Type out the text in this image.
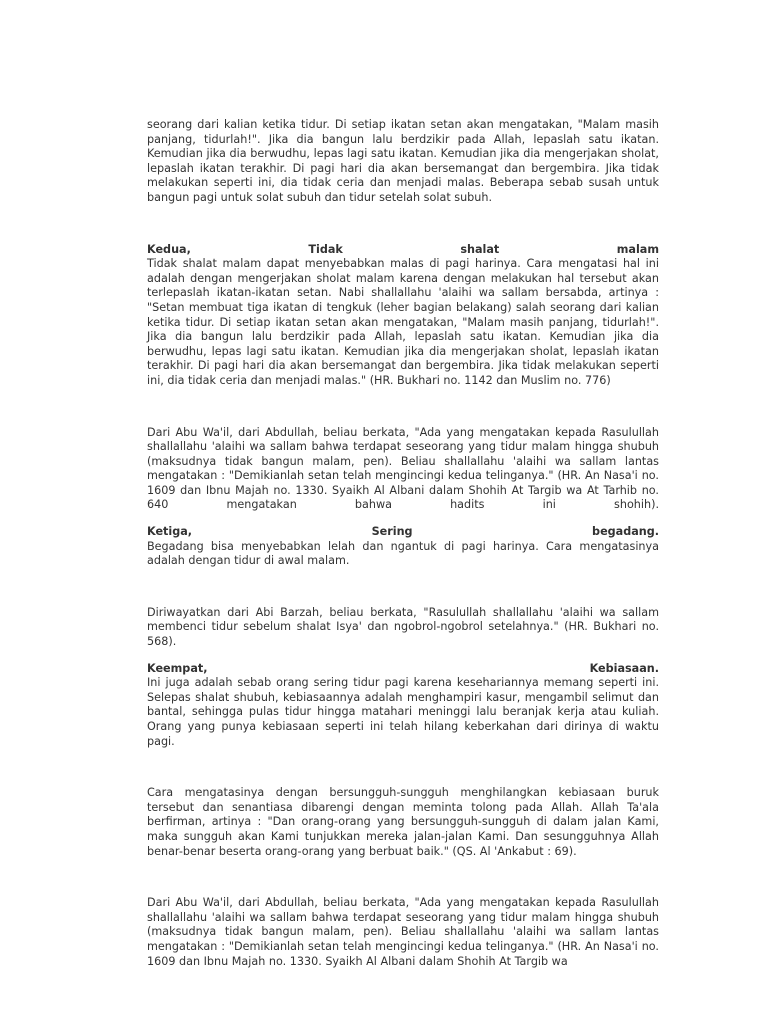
seorang dari kalian ketika tidur. Di setiap ikatan setan akan mengatakan, "Malam masih panjang, tidurlah!". Jika dia bangun lalu berdzikir pada Allah, lepaslah satu ikatan. Kemudian jika dia berwudhu, lepas lagi satu ikatan. Kemudian jika dia mengerjakan sholat, lepaslah ikatan terakhir. Di pagi hari dia akan bersemangat dan bergembira. Jika tidak melakukan seperti ini, dia tidak ceria dan menjadi malas. Beberapa sebab susah untuk bangun pagi untuk solat subuh dan tidur setelah solat subuh.

Kedua, Tidak shalat malam

Tidak shalat malam dapat menyebabkan malas di pagi harinya. Cara mengatasi hal ini adalah dengan mengerjakan sholat malam karena dengan melakukan hal tersebut akan terlepaslah ikatan-ikatan setan. Nabi shallallahu 'alaihi wa sallam bersabda, artinya : "Setan membuat tiga ikatan di tengkuk (leher bagian belakang) salah seorang dari kalian ketika tidur. Di setiap ikatan setan akan mengatakan, "Malam masih panjang, tidurlah!". Jika dia bangun lalu berdzikir pada Allah, lepaslah satu ikatan. Kemudian jika dia berwudhu, lepas lagi satu ikatan. Kemudian jika dia mengerjakan sholat, lepaslah ikatan terakhir. Di pagi hari dia akan bersemangat dan bergembira. Jika tidak melakukan seperti ini, dia tidak ceria dan menjadi malas." (HR. Bukhari no. 1142 dan Muslim no. 776)

Dari Abu Wa'il, dari Abdullah, beliau berkata, "Ada yang mengatakan kepada Rasulullah shallallahu 'alaihi wa sallam bahwa terdapat seseorang yang tidur malam hingga shubuh (maksudnya tidak bangun malam, pen). Beliau shallallahu 'alaihi wa sallam lantas mengatakan : "Demikianlah setan telah mengincingi kedua telinganya." (HR. An Nasa'i no. 1609 dan Ibnu Majah no. 1330. Syaikh Al Albani dalam Shohih At Targib wa At Tarhib no. 640 mengatakan bahwa hadits ini shohih).

Ketiga, Sering begadang.

Begadang bisa menyebabkan lelah dan ngantuk di pagi harinya. Cara mengatasinya adalah dengan tidur di awal malam.

Diriwayatkan dari Abi Barzah, beliau berkata, "Rasulullah shallallahu 'alaihi wa sallam membenci tidur sebelum shalat Isya' dan ngobrol-ngobrol setelahnya." (HR. Bukhari no. 568).

Keempat, Kebiasaan.

Ini juga adalah sebab orang sering tidur pagi karena kesehariannya memang seperti ini. Selepas shalat shubuh, kebiasaannya adalah menghampiri kasur, mengambil selimut dan bantal, sehingga pulas tidur hingga matahari meninggi lalu beranjak kerja atau kuliah. Orang yang punya kebiasaan seperti ini telah hilang keberkahan dari dirinya di waktu pagi.

Cara mengatasinya dengan bersungguh-sungguh menghilangkan kebiasaan buruk tersebut dan senantiasa dibarengi dengan meminta tolong pada Allah. Allah Ta'ala berfirman, artinya : "Dan orang-orang yang bersungguh-sungguh di dalam jalan Kami, maka sungguh akan Kami tunjukkan mereka jalan-jalan Kami. Dan sesungguhnya Allah benar-benar beserta orang-orang yang berbuat baik." (QS. Al 'Ankabut : 69).

Dari Abu Wa'il, dari Abdullah, beliau berkata, "Ada yang mengatakan kepada Rasulullah shallallahu 'alaihi wa sallam bahwa terdapat seseorang yang tidur malam hingga shubuh (maksudnya tidak bangun malam, pen). Beliau shallallahu 'alaihi wa sallam lantas mengatakan : "Demikianlah setan telah mengincingi kedua telinganya." (HR. An Nasa'i no. 1609 dan Ibnu Majah no. 1330. Syaikh Al Albani dalam Shohih At Targib wa
